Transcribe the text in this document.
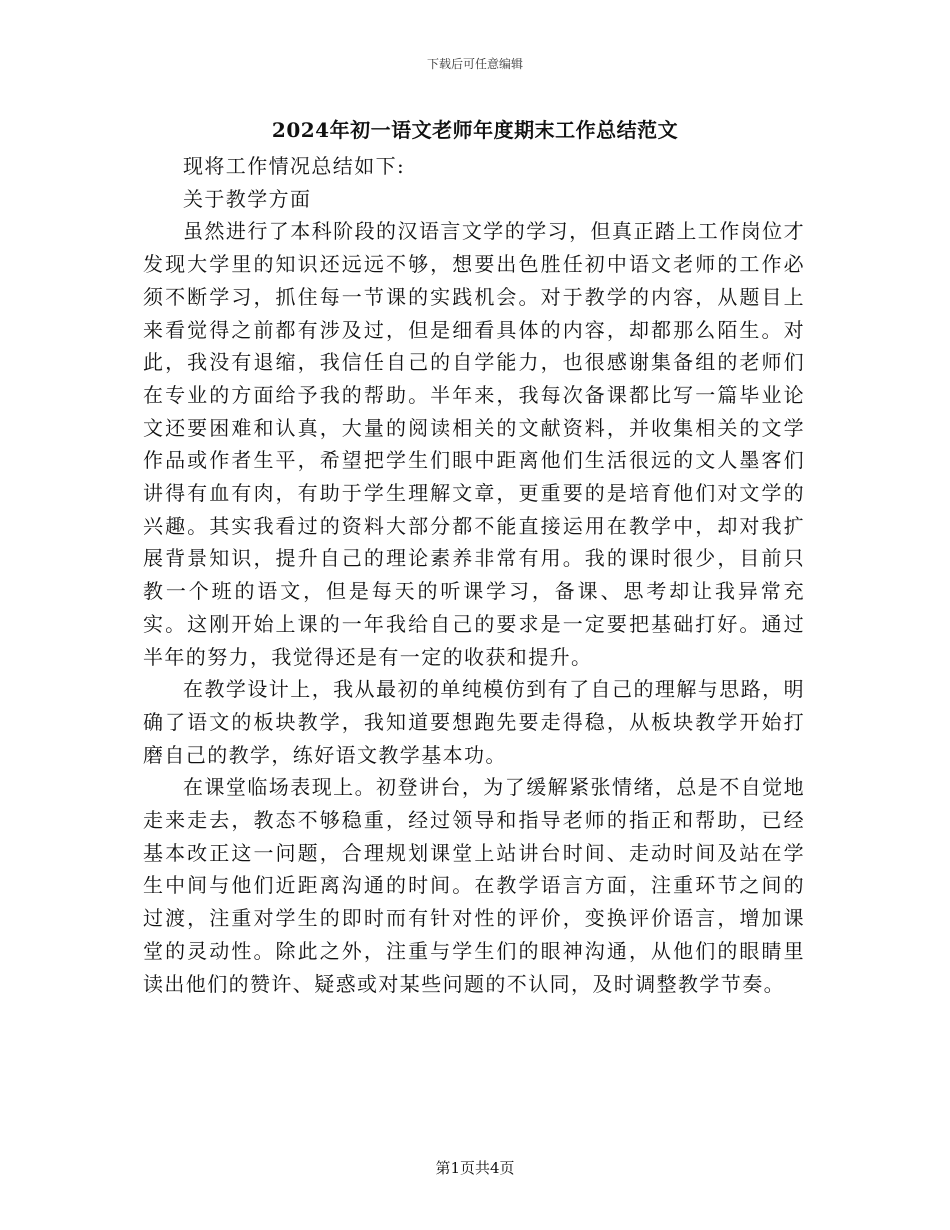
下载后可任意编辑
2024年初一语文老师年度期末工作总结范文

现将工作情况总结如下:

关于教学方面

虽然进行了本科阶段的汉语言文学的学习，但真正踏上工作岗位才发现大学里的知识还远远不够，想要出色胜任初中语文老师的工作必须不断学习，抓住每一节课的实践机会。对于教学的内容，从题目上来看觉得之前都有涉及过，但是细看具体的内容，却都那么陌生。对此，我没有退缩，我信任自己的自学能力，也很感谢集备组的老师们在专业的方面给予我的帮助。半年来，我每次备课都比写一篇毕业论文还要困难和认真，大量的阅读相关的文献资料，并收集相关的文学作品或作者生平，希望把学生们眼中距离他们生活很远的文人墨客们讲得有血有肉，有助于学生理解文章，更重要的是培育他们对文学的兴趣。其实我看过的资料大部分都不能直接运用在教学中，却对我扩展背景知识，提升自己的理论素养非常有用。我的课时很少，目前只教一个班的语文，但是每天的听课学习，备课、思考却让我异常充实。这刚开始上课的一年我给自己的要求是一定要把基础打好。通过半年的努力，我觉得还是有一定的收获和提升。

在教学设计上，我从最初的单纯模仿到有了自己的理解与思路，明确了语文的板块教学，我知道要想跑先要走得稳，从板块教学开始打磨自己的教学，练好语文教学基本功。

在课堂临场表现上。初登讲台，为了缓解紧张情绪，总是不自觉地走来走去，教态不够稳重，经过领导和指导老师的指正和帮助，已经基本改正这一问题，合理规划课堂上站讲台时间、走动时间及站在学生中间与他们近距离沟通的时间。在教学语言方面，注重环节之间的过渡，注重对学生的即时而有针对性的评价，变换评价语言，增加课堂的灵动性。除此之外，注重与学生们的眼神沟通，从他们的眼睛里读出他们的赞许、疑惑或对某些问题的不认同，及时调整教学节奏。

第1页共4页
